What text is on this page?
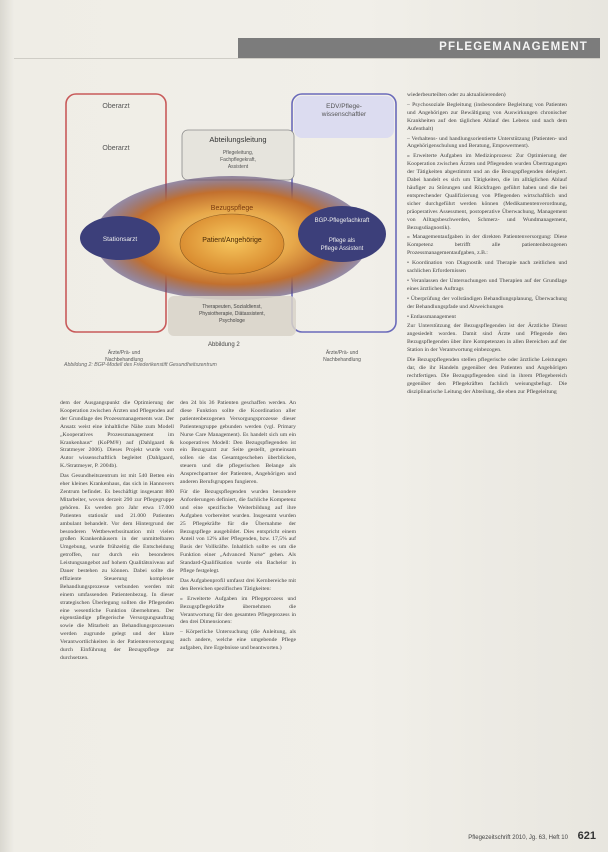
PFLEGEMANAGEMENT
Oberarzt
Oberarzt
EDV/Pflege-wissenschaftler
Abteilungsleitung
Pflegeleitung, Fachpflegekraft, Assistent
Bezugspflege
Stationsarzt	Patient/Angehörige
BGP-Pflegefachkraft
Pflege als Pflege Assistent
Therapeuten, Sozialdienst, Physiotherapie, Diätassistent, Psychologe
Ärzte/Prä- und Nachbehandlung
Ärzte/Prä- und Nachbehandlung
Abbildung 2
Abbildung 2: BGP-Modell des Friederikenstift Gesundheitszentrum

dem der Ausgangspunkt die Optimierung der Kooperation zwischen Ärzten und Pflegenden auf der Grundlage des Prozessmanagements war. Der Ansatz weist eine inhaltliche Nähe zum Modell „Kooperatives Prozessmanagement im Krankenhaus“ (KoPM®) auf (Dahlgaard & Stratmeyer 2006). Dieses Projekt wurde vom Autor wissenschaftlich begleitet (Dahlgaard, K./Stratmeyer, P. 2004b).

Das Gesundheitszentrum ist mit 540 Betten ein eher kleines Krankenhaus, das sich in Hannovers Zentrum befindet. Es beschäftigt insgesamt 880 Mitarbeiter, wovon derzeit 290 zur Pflegegruppe gehören. Es werden pro Jahr etwa 17.000 Patienten stationär und 21.000 Patienten ambulant behandelt. Vor dem Hintergrund der besonderen Wettbewerbssituation mit vielen großen Krankenhäusern in der unmittelbaren Umgebung, wurde frühzeitig die Entscheidung getroffen, nur durch ein besonderes Leistungsangebot auf hohem Qualitätsniveau auf Dauer bestehen zu können. Dabei sollte die effiziente Steuerung komplexer Behandlungsprozesse verbunden werden mit einem umfassenden Patientenbezug. In dieser strategischen Überlegung sollten die Pflegenden eine wesentliche Funktion übernehmen. Der eigenständige pflegerische Versorgungsauftrag sowie die Mitarbeit an Behandlungsprozessen werden zugrunde gelegt und der klare Verantwortlichkeiten in der Patientenversorgung durch Einführung der Bezugspflege zur durchsetzen.

den 24 bis 36 Patienten geschaffen werden. An diese Funktion sollte die Koordination aller patientenbezogenen Versorgungsprozesse dieser Patientengruppe gebunden werden (vgl. Primary Nurse Care Management). Es handelt sich um ein kooperatives Modell: Den Bezugspflegenden ist ein Bezugsarzt zur Seite gestellt, gemeinsam sollen sie das Gesamtgeschehen überblicken, steuern und die pflegerischen Belange als Ansprechpartner der Patienten, Angehörigen und anderen Berufsgruppen fungieren.

Für die Bezugspflegenden wurden besondere Anforderungen definiert, die fachliche Kompetenz und eine spezifische Weiterbildung auf ihre Aufgaben vorbereitet wurden. Insgesamt wurden 25 Pflegekräfte für die Übernahme der Bezugspflege ausgebildet. Dies entspricht einem Anteil von 12% aller Pflegenden, bzw. 17,5% auf Basis der Vollkräfte. Inhaltlich sollte es um die Funktion einer „Advanced Nurse“ gehen. Als Standard-Qualifikation wurde ein Bachelor in Pflege festgelegt.

Das Aufgabenprofil umfasst drei Kernbereiche mit den Bereichen spezifischen Tätigkeiten:

» Erweiterte Aufgaben im Pflegeprozess und Bezugspflegekräfte übernehmen die Verantwortung für den gesamten Pflegeprozess in den drei Dimensionen:

– Körperliche Untersuchung (die Anleitung, als auch andere, welche eine umgebende Pflege aufgaben, ihre Ergebnisse und beantworten.)

wiederbeurteilten oder zu aktualisierenden)

– Psychosoziale Begleitung (insbesondere Begleitung von Patienten und Angehörigen zur Bewältigung von Auswirkungen chronischer Krankheiten auf den täglichen Ablauf des Lebens und nach dem Aufenthalt)

– Verhaltens- und handlungsorientierte Unterstützung (Patienten- und Angehörigenschulung und Beratung, Empowerment).

» Erweiterte Aufgaben im Medizinprozess: Zur Optimierung der Kooperation zwischen Ärzten und Pflegenden wurden Übertragungen der Tätigkeiten abgestimmt und an die Bezugspflegenden delegiert. Dabei handelt es sich um Tätigkeiten, die im alltäglichen Ablauf häufiger zu Störungen und Rückfragen geführt haben und die bei entsprechender Qualifizierung von Pflegenden wirtschaftlich und sicher durchgeführt werden können (Medikamentenverordnung, präoperatives Assessment, postoperative Überwachung, Management von Alltagsbeschwerden, Schmerz- und Wundmanagement, Bezugsdiagnostik).

» Managementaufgaben in der direkten Patientenversorgung: Diese Kompetenz betrifft alle patientenbezogenen Prozessmanagementaufgaben, z.B.:

• Koordination von Diagnostik und Therapie nach zeitlichen und sachlichen Erfordernissen

• Veranlassen der Untersuchungen und Therapien auf der Grundlage eines ärztlichen Auftrags

• Überprüfung der vollständigen Behandlungsplanung, Überwachung der Behandlungspfade und Abweichungen

• Entlassmanagement

Zur Unterstützung der Bezugspflegenden ist der Ärztliche Dienst angesiedelt worden. Damit sind Ärzte und Pflegende den Bezugspflegenden über ihre Kompetenzen in allen Bereichen auf der Station in der Verantwortung einbezogen.

Die Bezugspflegenden stellen pflegerische oder ärztliche Leistungen dar, die ihr Handeln gegenüber den Patienten und Angehörigen rechtfertigen. Die Bezugspflegenden sind in ihrem Pflegebereich gegenüber den Pflegekräften fachlich weisungsbefugt. Die disziplinarische Leitung der Abteilung, die eben zur Pflegeleitung

Pflegezeitschrift 2010, Jg. 63, Heft 10 621
